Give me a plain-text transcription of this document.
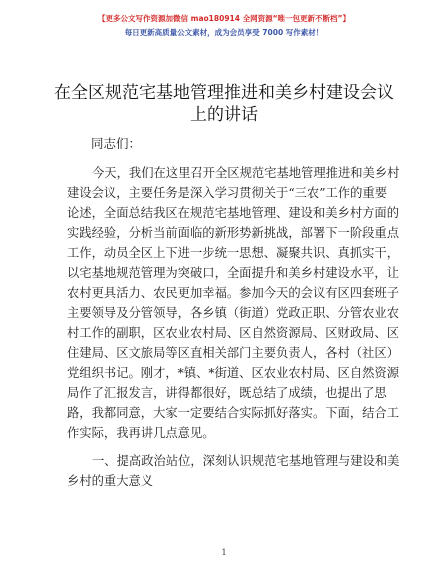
【更多公文写作资源加微信 mao180914 全网资源“唯一包更新不断档”】
每日更新高质量公文素材，成为会员享受 7000 写作素材！
在全区规范宅基地管理推进和美乡村建设会议
上的讲话
同志们：
今天，我们在这里召开全区规范宅基地管理推进和美乡村
建设会议，主要任务是深入学习贯彻关于“三农”工作的重要
论述，全面总结我区在规范宅基地管理、建设和美乡村方面的
实践经验，分析当前面临的新形势新挑战，部署下一阶段重点
工作，动员全区上下进一步统一思想、凝聚共识、真抓实干，
以宅基地规范管理为突破口，全面提升和美乡村建设水平，让
农村更具活力、农民更加幸福。参加今天的会议有区四套班子
主要领导及分管领导，各乡镇（街道）党政正职、分管农业农
村工作的副职，区农业农村局、区自然资源局、区财政局、区
住建局、区文旅局等区直相关部门主要负责人，各村（社区）
党组织书记。刚才，*镇、*街道、区农业农村局、区自然资源
局作了汇报发言，讲得都很好，既总结了成绩，也提出了思
路，我都同意，大家一定要结合实际抓好落实。下面，结合工
作实际，我再讲几点意见。
一、提高政治站位，深刻认识规范宅基地管理与建设和美
乡村的重大意义
1
